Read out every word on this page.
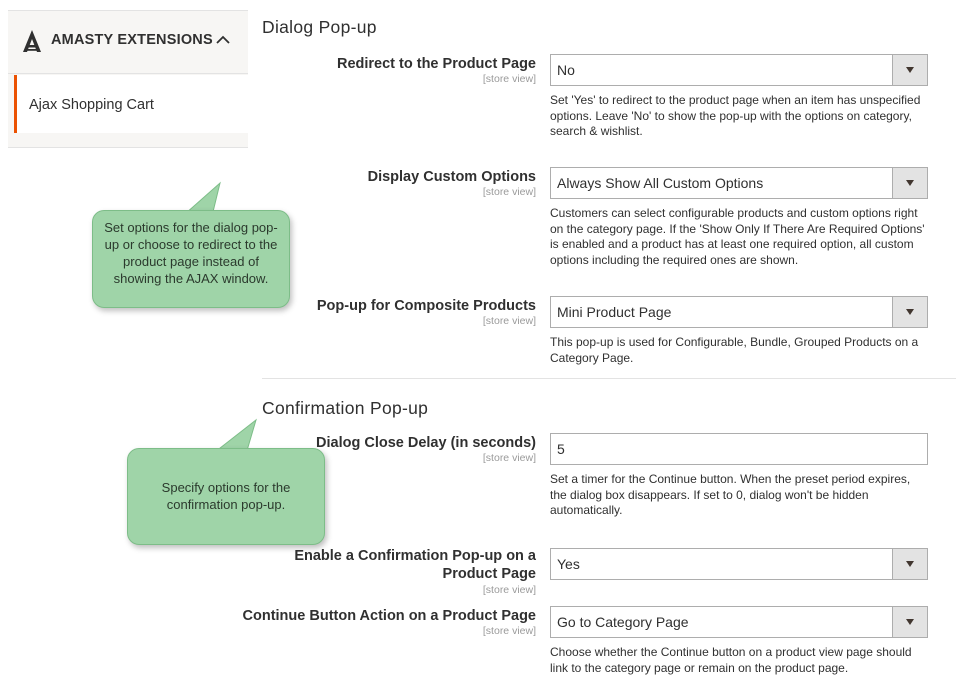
AMASTY EXTENSIONS
Ajax Shopping Cart
Set options for the dialog pop-up or choose to redirect to the product page instead of showing the AJAX window.
Specify options for the confirmation pop-up.
Dialog Pop-up
Redirect to the Product Page
[store view]
No
Set 'Yes' to redirect to the product page when an item has unspecified options. Leave 'No' to show the pop-up with the options on category, search & wishlist.
Display Custom Options
[store view]
Always Show All Custom Options
Customers can select configurable products and custom options right on the category page. If the 'Show Only If There Are Required Options' is enabled and a product has at least one required option, all custom options including the required ones are shown.
Pop-up for Composite Products
[store view]
Mini Product Page
This pop-up is used for Configurable, Bundle, Grouped Products on a Category Page.
Confirmation Pop-up
Dialog Close Delay (in seconds)
[store view]
5
Set a timer for the Continue button. When the preset period expires, the dialog box disappears. If set to 0, dialog won't be hidden automatically.
Enable a Confirmation Pop-up on a Product Page
[store view]
Yes
Continue Button Action on a Product Page
[store view]
Go to Category Page
Choose whether the Continue button on a product view page should link to the category page or remain on the product page.
